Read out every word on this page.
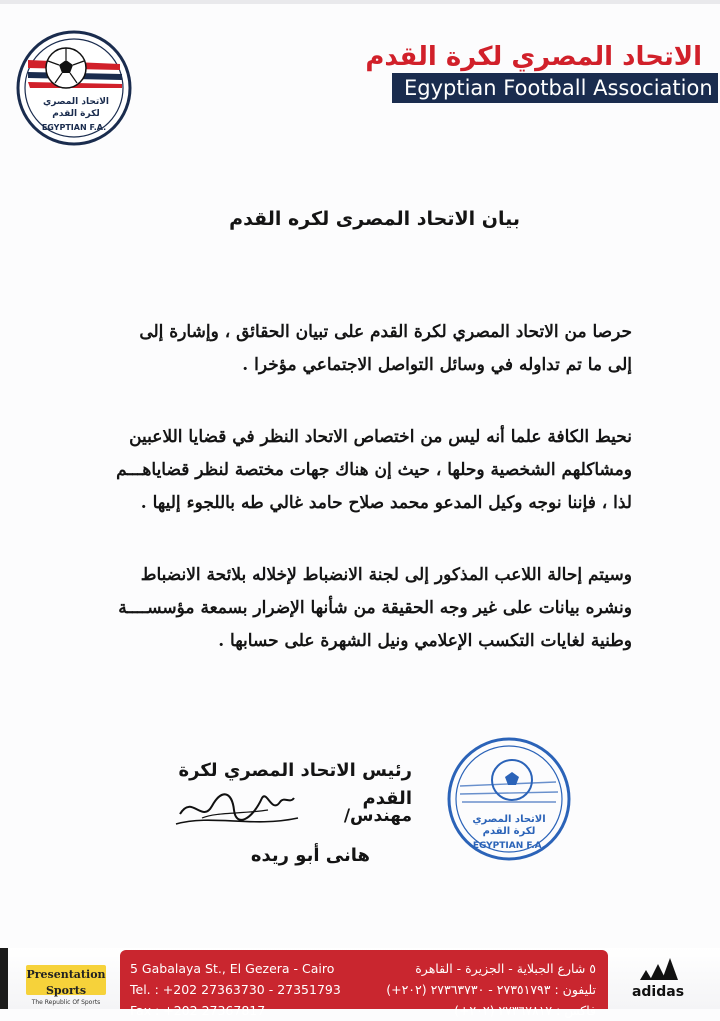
الاتحاد المصري
لكرة القدم
EGYPTIAN F.A.
الاتحاد المصري لكرة القدم
Egyptian Football Association
بيان الاتحاد المصرى لكره القدم
حرصا من الاتحاد المصري لكرة القدم على تبيان الحقائق ، وإشارة إلى
إلى ما تم تداوله في وسائل التواصل الاجتماعي مؤخرا .
نحيط الكافة علما أنه ليس من اختصاص الاتحاد النظر في قضايا اللاعبين
ومشاكلهم الشخصية وحلها ، حيث إن هناك جهات مختصة لنظر قضاياهـــم
لذا ، فإننا نوجه وكيل المدعو محمد صلاح حامد غالي طه باللجوء إليها .
وسيتم إحالة اللاعب المذكور إلى لجنة الانضباط لإخلاله بلائحة الانضباط
ونشره بيانات على غير وجه الحقيقة من شأنها الإضرار بسمعة مؤسســــة
وطنية لغايات التكسب الإعلامي ونيل الشهرة على حسابها .
رئيس الاتحاد المصري لكرة القدم
مهندس/
هانى أبو ريده
الاتحاد المصري
لكرة القدم
EGYPTIAN F.A.
5 Gabalaya St., El Gezera - Cairo
Tel. : +202 27363730 - 27351793
Fax : +202 27367817
٥ شارع الجبلاية - الجزيرة - القاهرة
تليفون : ٢٧٣٥١٧٩٣ - ٢٧٣٦٣٧٣٠ (٢٠٢+)
فاكس : ٢٧٣٦٧٨١٧ (٢٠٢+)
Presentation Sports
The Republic Of Sports
adidas
